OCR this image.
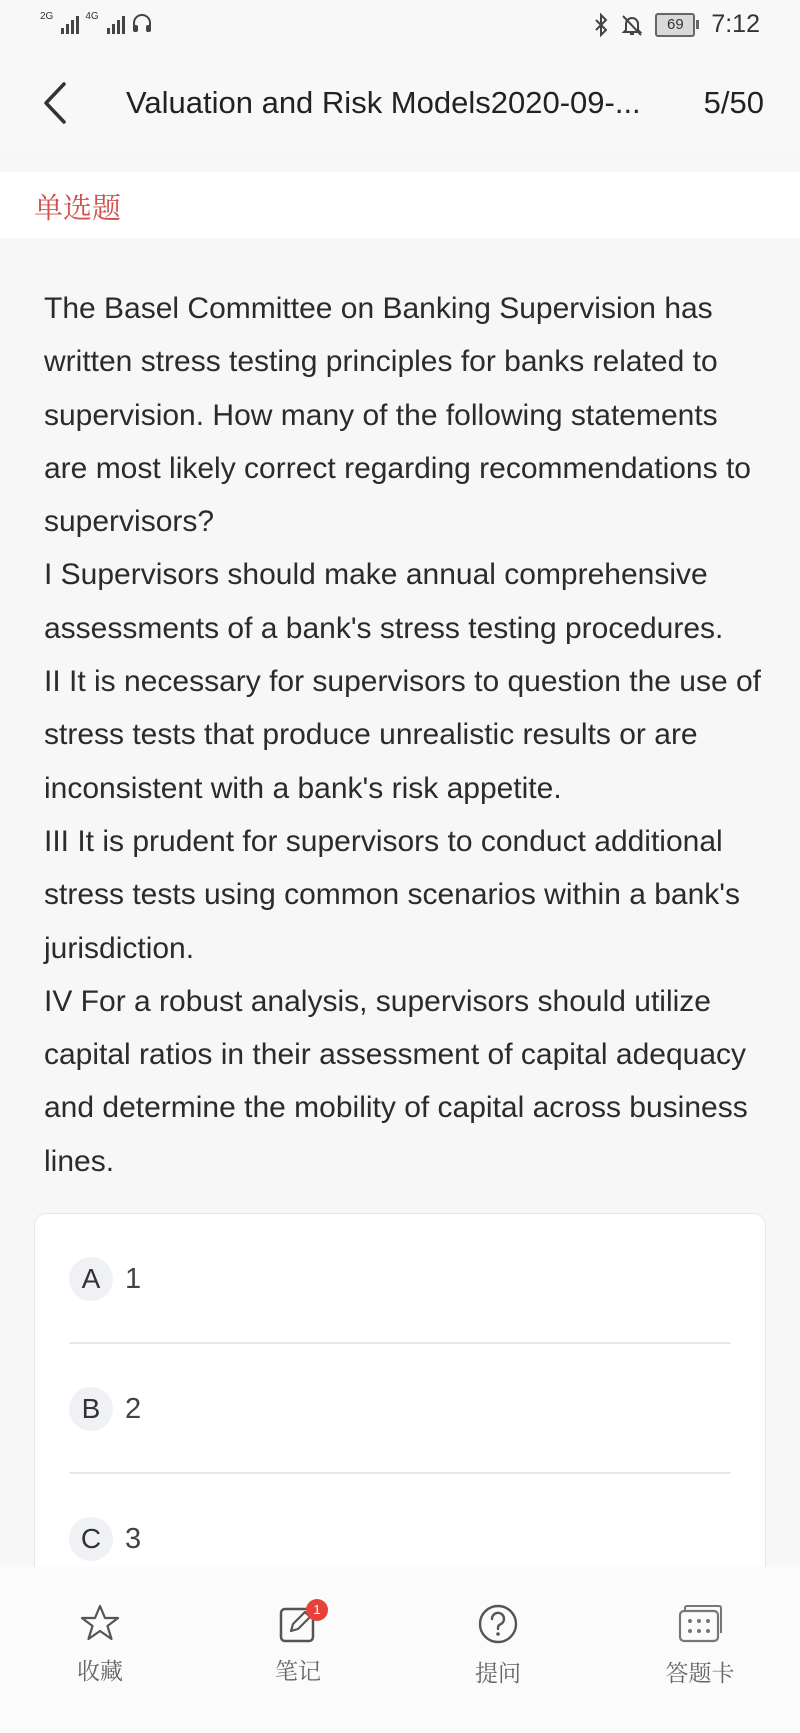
2G	4G	69	7:12
Valuation and Risk Models2020-09-... 5/50
单选题

The Basel Committee on Banking Supervision has written stress testing principles for banks related to supervision. How many of the following statements are most likely correct regarding recommendations to supervisors?

I Supervisors should make annual comprehensive assessments of a bank's stress testing procedures.

II It is necessary for supervisors to question the use of stress tests that produce unrealistic results or are inconsistent with a bank's risk appetite.

III It is prudent for supervisors to conduct additional stress tests using common scenarios within a bank's jurisdiction.

IV For a robust analysis, supervisors should utilize capital ratios in their assessment of capital adequacy and determine the mobility of capital across business lines.

A 1
B 2
C 3
收藏
1
笔记	提问	答题卡
